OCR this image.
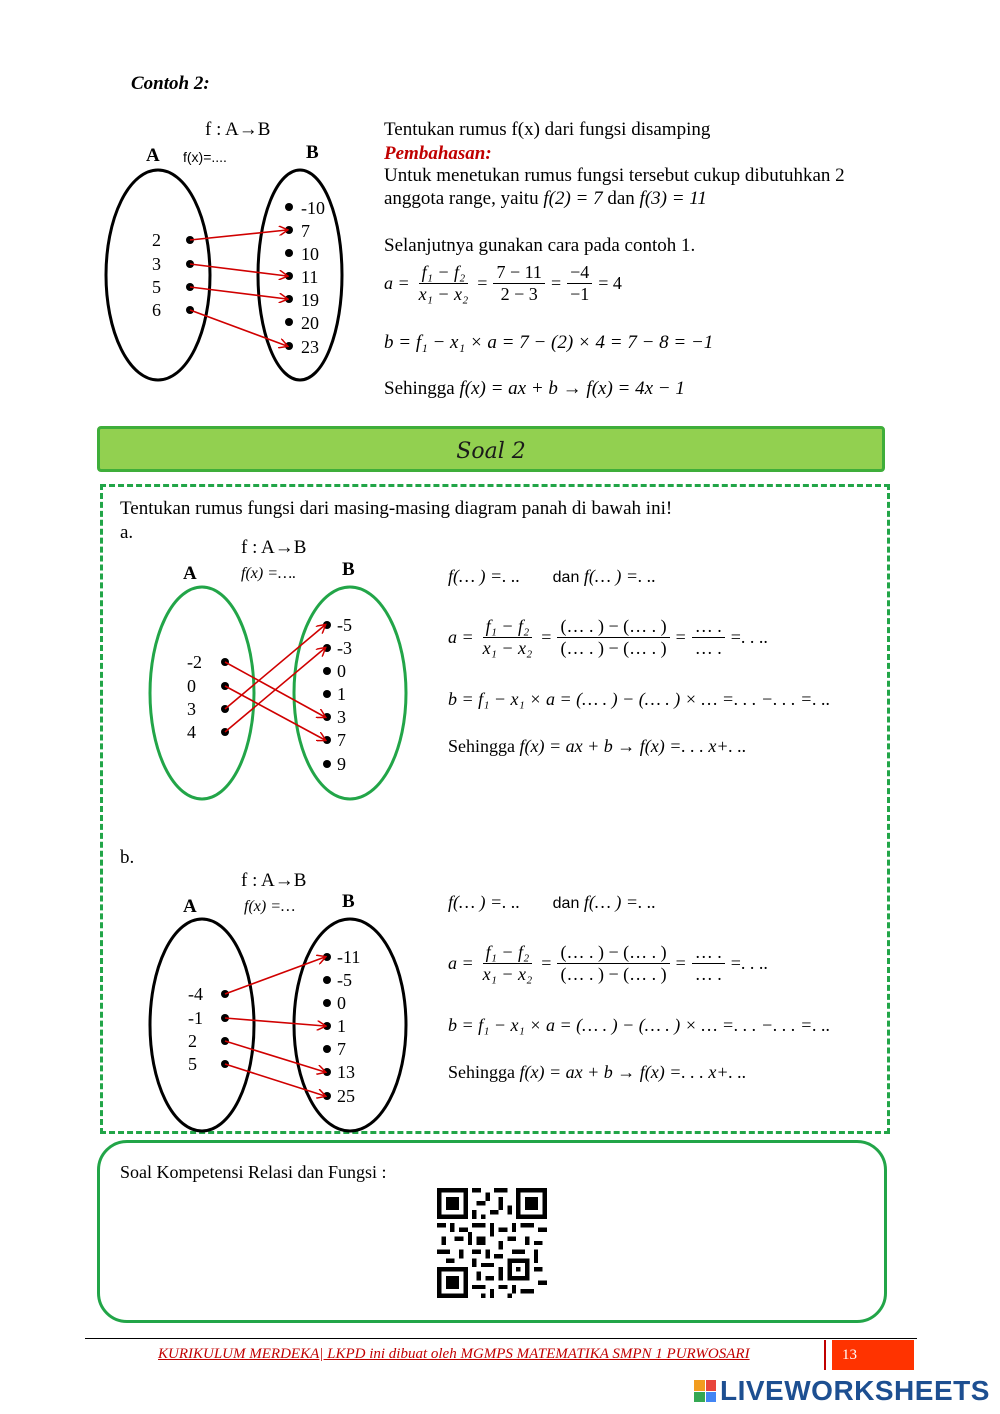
Contoh 2:
f : A→B
f(x)=....
A	B
2
3
5
6
-10
7
10
11
19
20
23
Tentukan rumus f(x) dari fungsi disamping
Pembahasan:
Untuk menetukan rumus fungsi tersebut cukup dibutuhkan 2
anggota range, yaitu f(2) = 7 dan f(3) = 11
Selanjutnya gunakan cara pada contoh 1.
$a = \frac{\text{f₁ − f₂}}{\text{x₁ − x₂}} = \frac{7 - 11}{2 - 3} = \frac{-4}{-1} = 4$
b = f₁ − x₁ × a = 7 − (2) × 4 = 7 − 8 = −1
Sehingga f(x) = ax + b → f(x) = 4x − 1
Soal 2
Tentukan rumus fungsi dari masing-masing diagram panah di bawah ini!
a.
f : A→B
f(x) =….
A	B
-2
0
3
4
-5
-3
0
1
3
7
9
f(… ) =. .. dan f(… ) =. ..
$a = \frac{\text{f₁ − f₂}}{\text{x₁ − x₂}}$ =
(… . ) − (… . )
(… . ) − (… . )
=
… .
… .
=. . ..
b = f₁ − x₁ × a = (… . ) − (… . ) × … =. . . −. . . =. ..
Sehingga f(x) = ax + b → f(x) =. . . x+. ..
b.
f : A→B
f(x) =…
A	B
-4
-1
2
5
-11
-5
0
1
7
13
25
f(… ) =. .. dan f(… ) =. ..
$a = \frac{\text{f₁ − f₂}}{\text{x₁ − x₂}}$ =
(… . ) − (… . )
(… . ) − (… . )
=
… .
… .
=. . ..
b = f₁ − x₁ × a = (… . ) − (… . ) × … =. . . −. . . =. ..
Sehingga f(x) = ax + b → f(x) =. . . x+. ..
Soal Kompetensi Relasi dan Fungsi :
KURIKULUM MERDEKA| LKPD ini dibuat oleh MGMPS MATEMATIKA SMPN 1 PURWOSARI	13
LIVEWORKSHEETS
